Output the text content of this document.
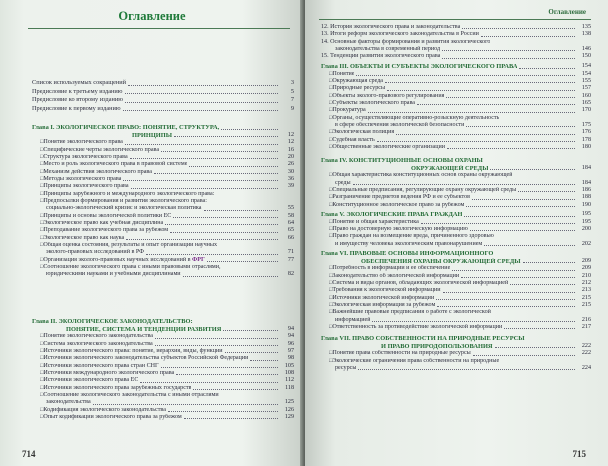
Оглавление
Список используемых сокращений	3
Предисловие к третьему изданию	5
Предисловие ко второму изданию	7
Предисловие к первому изданию	9
Глава I. ЭКОЛОГИЧЕСКОЕ ПРАВО: ПОНЯТИЕ, СТРУКТУРА,
ПРИНЦИПЫ	12
□ Понятие экологического права	12
□ Специфические черты экологического права	16
□ Структура экологического права	20
□ Место и роль экологического права в правовой системе	26
□ Механизм действия экологического права	30
□ Методы экологического права	36
□ Принципы экологического права	39
□ Принципы зарубежного и международного экологического права:
□ Предпосылки формирования и развития экологического права:
социально-экологический кризис и экологическая политика	55
□ Принципы и основы экологической политики ЕС	58
□ Экологическое право как учебная дисциплина	64
□ Преподавание экологического права за рубежом	65
□ Экологическое право как наука	66
□ Общая оценка состояния, результаты и опыт организации научных
эколого-правовых исследований в РФ	71
□ Организация эколого-правовых научных исследований в ФРГ	77
□ Соотношение экологического права с иными правовыми отраслями,
юридическими науками и учебными дисциплинами	82
Глава II. ЭКОЛОГИЧЕСКОЕ ЗАКОНОДАТЕЛЬСТВО:
ПОНЯТИЕ, СИСТЕМА И ТЕНДЕНЦИИ РАЗВИТИЯ	94
□ Понятие экологического законодательства	94
□ Система экологического законодательства	96
□ Источники экологического права: понятие, иерархия, виды, функции	97
□ Источники экологического законодательства субъектов Российской Федерации	98
□ Источники экологического права стран СНГ	105
□ Источники международного экологического права	108
□ Источники экологического права ЕС	112
□ Источники экологического права зарубежных государств	118
□ Соотношение экологического законодательства с иными отраслями
законодательства	125
□ Кодификация экологического законодательства	126
□ Опыт кодификации экологического права за рубежом	129
714
Оглавление
12. История экологического права и законодательства	135
13. Итоги реформ экологического законодательства в России	138
14. Основные факторы формирования и развития экологического
законодательства в современный период	146
15. Тенденции развития экологического права	150
Глава III. ОБЪЕКТЫ И СУБЪЕКТЫ ЭКОЛОГИЧЕСКОГО ПРАВА	154
□ Понятие	154
□ Окружающая среда	155
□ Природные ресурсы	157
□ Объекты эколого-правового регулирования	160
□ Субъекты экологического права	165
□ Прокуратура	170
□ Органы, осуществляющие оперативно-розыскную деятельность
в сфере обеспечения экологической безопасности	175
□ Экологическая полиция	176
□ Судебная власть	178
□ Общественные экологические организации	180
Глава IV. КОНСТИТУЦИОННЫЕ ОСНОВЫ ОХРАНЫ
ОКРУЖАЮЩЕЙ СРЕДЫ	184
□ Общая характеристика конституционных основ охраны окружающей
среды	184
□ Специальные предписания, регулирующие охрану окружающей среды	186
□ Разграничение предметов ведения РФ и ее субъектов	188
□ Конституционное экологическое право за рубежом	190
Глава V. ЭКОЛОГИЧЕСКИЕ ПРАВА ГРАЖДАН	195
□ Понятие и общая характеристика	195
□ Право на достоверную экологическую информацию	200
□ Право граждан на возмещение вреда, причиненного здоровью
и имуществу человека экологическим правонарушением	202
Глава VI. ПРАВОВЫЕ ОСНОВЫ ИНФОРМАЦИОННОГО
ОБЕСПЕЧЕНИЯ ОХРАНЫ ОКРУЖАЮЩЕЙ СРЕДЫ	209
□ Потребность в информации и ее обеспечение	209
□ Законодательство об экологической информации	210
□ Система и виды органов, обладающих экологической информацией	212
□ Требования к экологической информации	213
□ Источники экологической информации	215
□ Экологическая информация за рубежом	215
□ Важнейшие правовые предписания о работе с экологической
информацией	216
□ Ответственность за противодействие экологической информации	217
Глава VII. ПРАВО СОБСТВЕННОСТИ НА ПРИРОДНЫЕ РЕСУРСЫ
И ПРАВО ПРИРОДОПОЛЬЗОВАНИЯ	222
□ Понятие права собственности на природные ресурсы	222
□ Экологические ограничения права собственности на природные
ресурсы	224
715
